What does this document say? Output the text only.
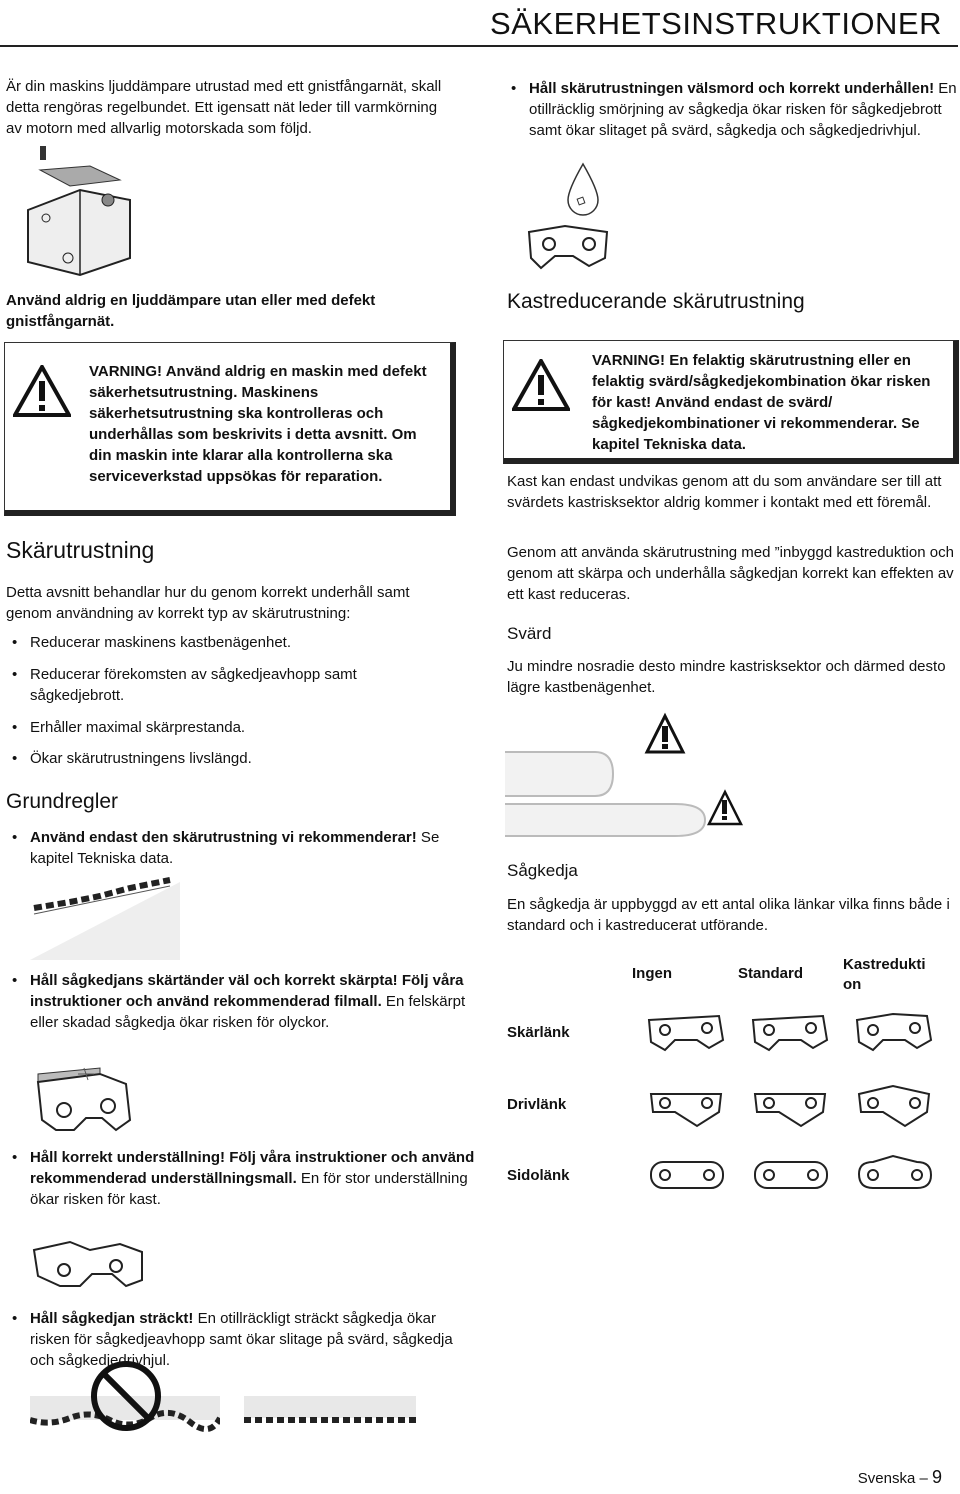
SÄKERHETSINSTRUKTIONER
Är din maskins ljuddämpare utrustad med ett gnistfångarnät, skall detta rengöras regelbundet. Ett igensatt nät leder till varmkörning av motorn med allvarlig motorskada som följd.
Använd aldrig en ljuddämpare utan eller med defekt gnistfångarnät.
VARNING! Använd aldrig en maskin med defekt säkerhetsutrustning. Maskinens säkerhetsutrustning ska kontrolleras och underhållas som beskrivits i detta avsnitt. Om din maskin inte klarar alla kontrollerna ska serviceverkstad uppsökas för reparation.
Skärutrustning
Detta avsnitt behandlar hur du genom korrekt underhåll samt genom användning av korrekt typ av skärutrustning:
• Reducerar maskinens kastbenägenhet.
• Reducerar förekomsten av sågkedjeavhopp samt sågkedjebrott.
• Erhåller maximal skärprestanda.
• Ökar skärutrustningens livslängd.
Grundregler
• Använd endast den skärutrustning vi rekommenderar! Se kapitel Tekniska data.
• Håll sågkedjans skärtänder väl och korrekt skärpta! Följ våra instruktioner och använd rekommenderad filmall. En felskärpt eller skadad sågkedja ökar risken för olyckor.
• Håll korrekt underställning! Följ våra instruktioner och använd rekommenderad underställningsmall. En för stor underställning ökar risken för kast.
• Håll sågkedjan sträckt! En otillräckligt sträckt sågkedja ökar risken för sågkedjeavhopp samt ökar slitage på svärd, sågkedja och sågkedjedrivhjul.
• Håll skärutrustningen välsmord och korrekt underhållen! En otillräcklig smörjning av sågkedja ökar risken för sågkedjebrott samt ökar slitaget på svärd, sågkedja och sågkedjedrivhjul.
Kastreducerande skärutrustning
VARNING! En felaktig skärutrustning eller en felaktig svärd/sågkedjekombination ökar risken för kast! Använd endast de svärd/ sågkedjekombinationer vi rekommenderar. Se kapitel Tekniska data.
Kast kan endast undvikas genom att du som användare ser till att svärdets kastrisksektor aldrig kommer i kontakt med ett föremål.
Genom att använda skärutrustning med ”inbyggd kastreduktion och genom att skärpa och underhålla sågkedjan korrekt kan effekten av ett kast reduceras.
Svärd
Ju mindre nosradie desto mindre kastrisksektor och därmed desto lägre kastbenägenhet.
Sågkedja
En sågkedja är uppbyggd av ett antal olika länkar vilka finns både i standard och i kastreducerat utförande.
Ingen	Standard
Kastredukti on
Skärlänk
Drivlänk
Sidolänk
Svenska – 9
